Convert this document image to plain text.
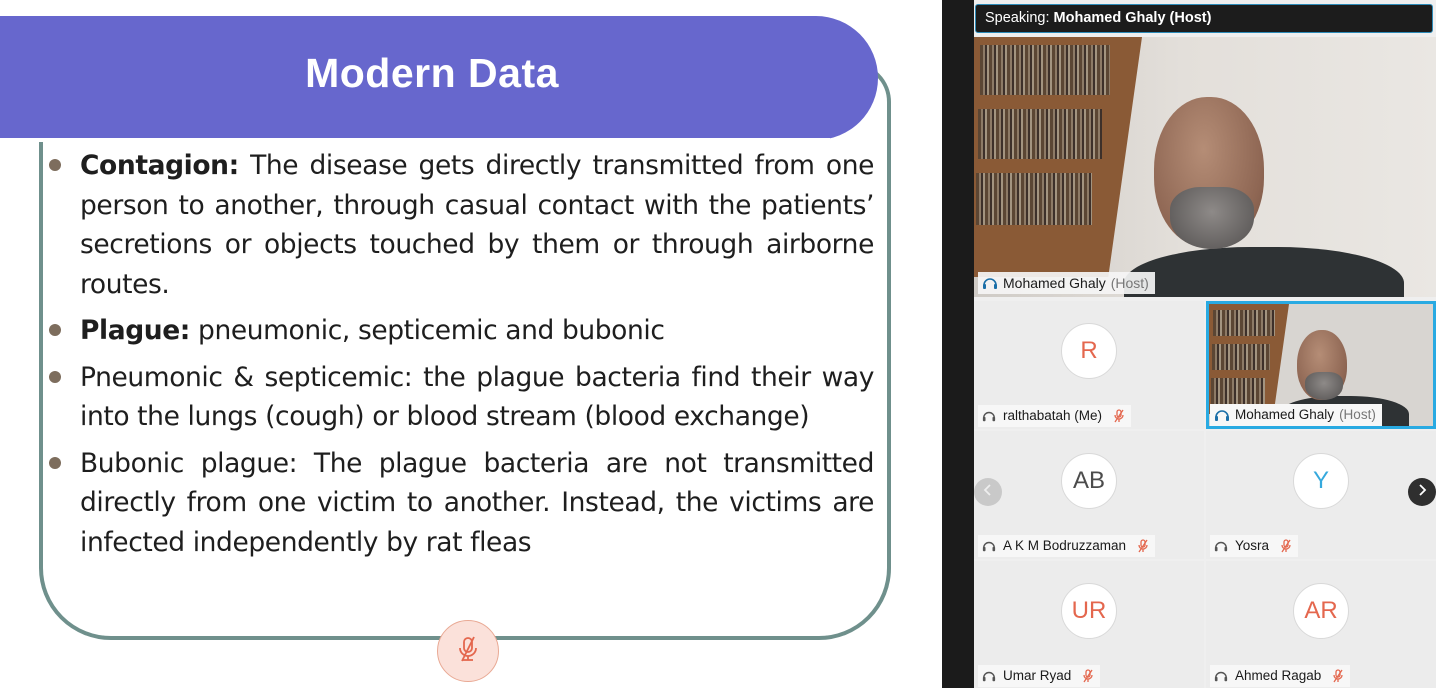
Modern Data
Contagion: The disease gets directly transmitted from one person to another, through casual contact with the patients’ secretions or objects touched by them or through airborne routes.
Plague: pneumonic, septicemic and bubonic
Pneumonic & septicemic: the plague bacteria find their way into the lungs (cough) or blood stream (blood exchange)
Bubonic plague: The plague bacteria are not transmitted directly from one victim to another. Instead, the victims are infected independently by rat fleas
Speaking: Mohamed Ghaly (Host)
Mohamed Ghaly (Host)
R
ralthabatah (Me)	Mohamed Ghaly (Host)
AB
A K M Bodruzzaman
Y
Yosra
UR
Umar Ryad
AR
Ahmed Ragab
